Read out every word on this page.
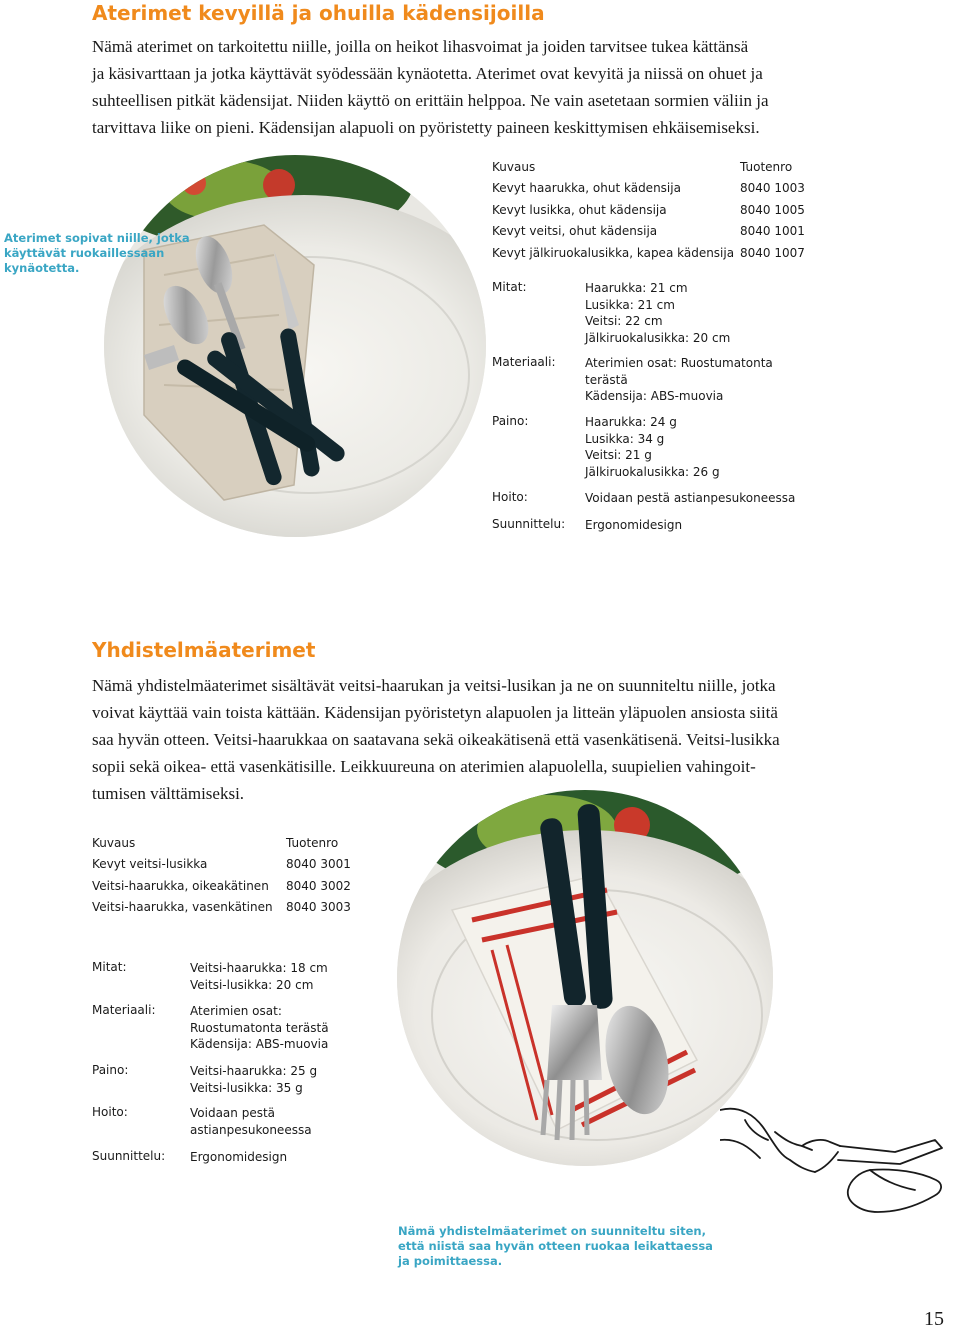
Aterimet kevyillä ja ohuilla kädensijoilla

Nämä aterimet on tarkoitettu niille, joilla on heikot lihasvoimat ja joiden tarvitsee tukea kättänsä
ja käsivarttaan ja jotka käyttävät syödessään kynäotetta. Aterimet ovat kevyitä ja niissä on ohuet ja
suhteellisen pitkät kädensijat. Niiden käyttö on erittäin helppoa. Ne vain asetetaan sormien väliin ja
tarvittava liike on pieni. Kädensijan alapuoli on pyöristetty paineen keskittymisen ehkäisemiseksi.

Aterimet sopivat niille, jotka
käyttävät ruokaillessaan
kynäotetta.
Kuvaus	Tuotenro
Kevyt haarukka, ohut kädensija	8040 1003
Kevyt lusikka, ohut kädensija	8040 1005
Kevyt veitsi, ohut kädensija	8040 1001
Kevyt jälkiruokalusikka, kapea kädensija	8040 1007
Mitat:	Haarukka: 21 cm
Lusikka: 21 cm
Veitsi: 22 cm
Jälkiruokalusikka: 20 cm
Materiaali: Aterimien osat: Ruostumatonta
terästä
Kädensija: ABS-muovia
Paino:	Haarukka: 24 g
Lusikka: 34 g
Veitsi: 21 g
Jälkiruokalusikka: 26 g
Hoito:	Voidaan pestä astianpesukoneessa
Suunnittelu: Ergonomidesign
Yhdistelmäaterimet

Nämä yhdistelmäaterimet sisältävät veitsi-haarukan ja veitsi-lusikan ja ne on suunniteltu niille, jotka
voivat käyttää vain toista kättään. Kädensijan pyöristetyn alapuolen ja litteän yläpuolen ansiosta siitä
saa hyvän otteen. Veitsi-haarukkaa on saatavana sekä oikeakätisenä että vasenkätisenä. Veitsi-lusikka
sopii sekä oikea- että vasenkätisille. Leikkuureuna on aterimien alapuolella, suupielien vahingoit-
tumisen välttämiseksi.

Kuvaus	Tuotenro
Kevyt veitsi-lusikka	8040 3001
Veitsi-haarukka, oikeakätinen	8040 3002
Veitsi-haarukka, vasenkätinen	8040 3003
Mitat:	Veitsi-haarukka: 18 cm
Veitsi-lusikka: 20 cm
Materiaali:	Aterimien osat:
Ruostumatonta terästä
Kädensija: ABS-muovia
Paino:	Veitsi-haarukka: 25 g
Veitsi-lusikka: 35 g
Hoito:	Voidaan pestä
astianpesukoneessa
Suunnittelu: Ergonomidesign
Nämä yhdistelmäaterimet on suunniteltu siten,
että niistä saa hyvän otteen ruokaa leikattaessa
ja poimittaessa.
15
